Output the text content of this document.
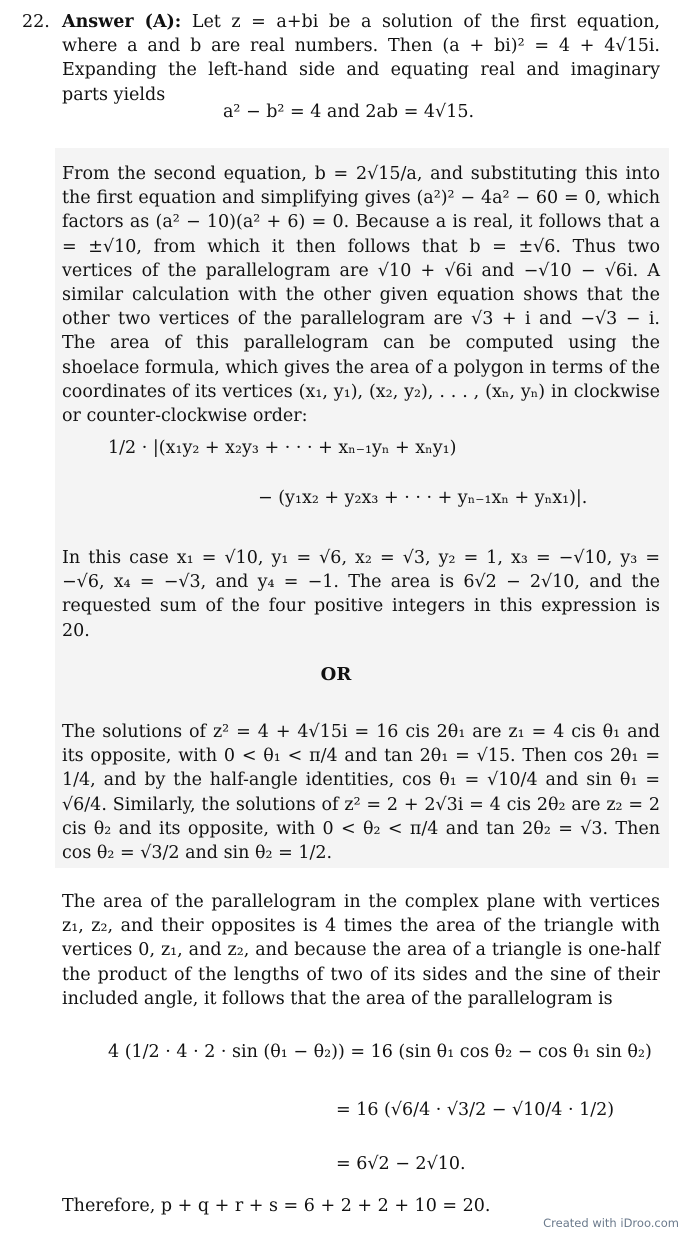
22. Answer (A): Let z = a+bi be a solution of the first equation, where a and b are real numbers. Then (a + bi)² = 4 + 4√15i. Expanding the left-hand side and equating real and imaginary parts yields
a² − b² = 4 and 2ab = 4√15.
From the second equation, b = 2√15/a, and substituting this into the first equation and simplifying gives (a²)² − 4a² − 60 = 0, which factors as (a² − 10)(a² + 6) = 0. Because a is real, it follows that a = ±√10, from which it then follows that b = ±√6. Thus two vertices of the parallelogram are √10 + √6i and −√10 − √6i. A similar calculation with the other given equation shows that the other two vertices of the parallelogram are √3 + i and −√3 − i. The area of this parallelogram can be computed using the shoelace formula, which gives the area of a polygon in terms of the coordinates of its vertices (x₁, y₁), (x₂, y₂), . . . , (xₙ, yₙ) in clockwise or counter-clockwise order:
1/2 · |(x₁y₂ + x₂y₃ + · · · + xₙ₋₁yₙ + xₙy₁)
− (y₁x₂ + y₂x₃ + · · · + yₙ₋₁xₙ + yₙx₁)|.
In this case x₁ = √10, y₁ = √6, x₂ = √3, y₂ = 1, x₃ = −√10, y₃ = −√6, x₄ = −√3, and y₄ = −1. The area is 6√2 − 2√10, and the requested sum of the four positive integers in this expression is 20.
OR
The solutions of z² = 4 + 4√15i = 16 cis 2θ₁ are z₁ = 4 cis θ₁ and its opposite, with 0 < θ₁ < π/4 and tan 2θ₁ = √15. Then cos 2θ₁ = 1/4, and by the half-angle identities, cos θ₁ = √10/4 and sin θ₁ = √6/4. Similarly, the solutions of z² = 2 + 2√3i = 4 cis 2θ₂ are z₂ = 2 cis θ₂ and its opposite, with 0 < θ₂ < π/4 and tan 2θ₂ = √3. Then cos θ₂ = √3/2 and sin θ₂ = 1/2.
The area of the parallelogram in the complex plane with vertices z₁, z₂, and their opposites is 4 times the area of the triangle with vertices 0, z₁, and z₂, and because the area of a triangle is one-half the product of the lengths of two of its sides and the sine of their included angle, it follows that the area of the parallelogram is
4 (1/2 · 4 · 2 · sin (θ₁ − θ₂)) = 16 (sin θ₁ cos θ₂ − cos θ₁ sin θ₂)
= 16 (√6/4 · √3/2 − √10/4 · 1/2)
= 6√2 − 2√10.
Therefore, p + q + r + s = 6 + 2 + 2 + 10 = 20.
Created with iDroo.com
